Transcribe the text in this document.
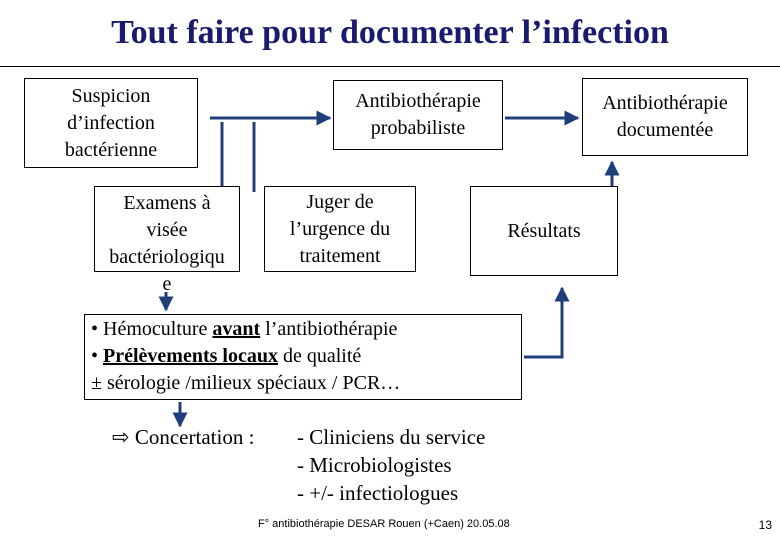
Tout faire pour documenter l’infection
Suspicion
d’infection
bactérienne
Antibiothérapie
probabiliste
Antibiothérapie
documentée
Examens à
visée
bactériologiqu
e
Juger de
l’urgence du
traitement
Résultats
• Hémoculture avant l’antibiothérapie
• Prélèvements locaux de qualité
± sérologie /milieux spéciaux / PCR…
⇨ Concertation : - Cliniciens du service
- Microbiologistes
- +/- infectiologues
F° antibiothérapie DESAR Rouen (+Caen) 20.05.08	13
